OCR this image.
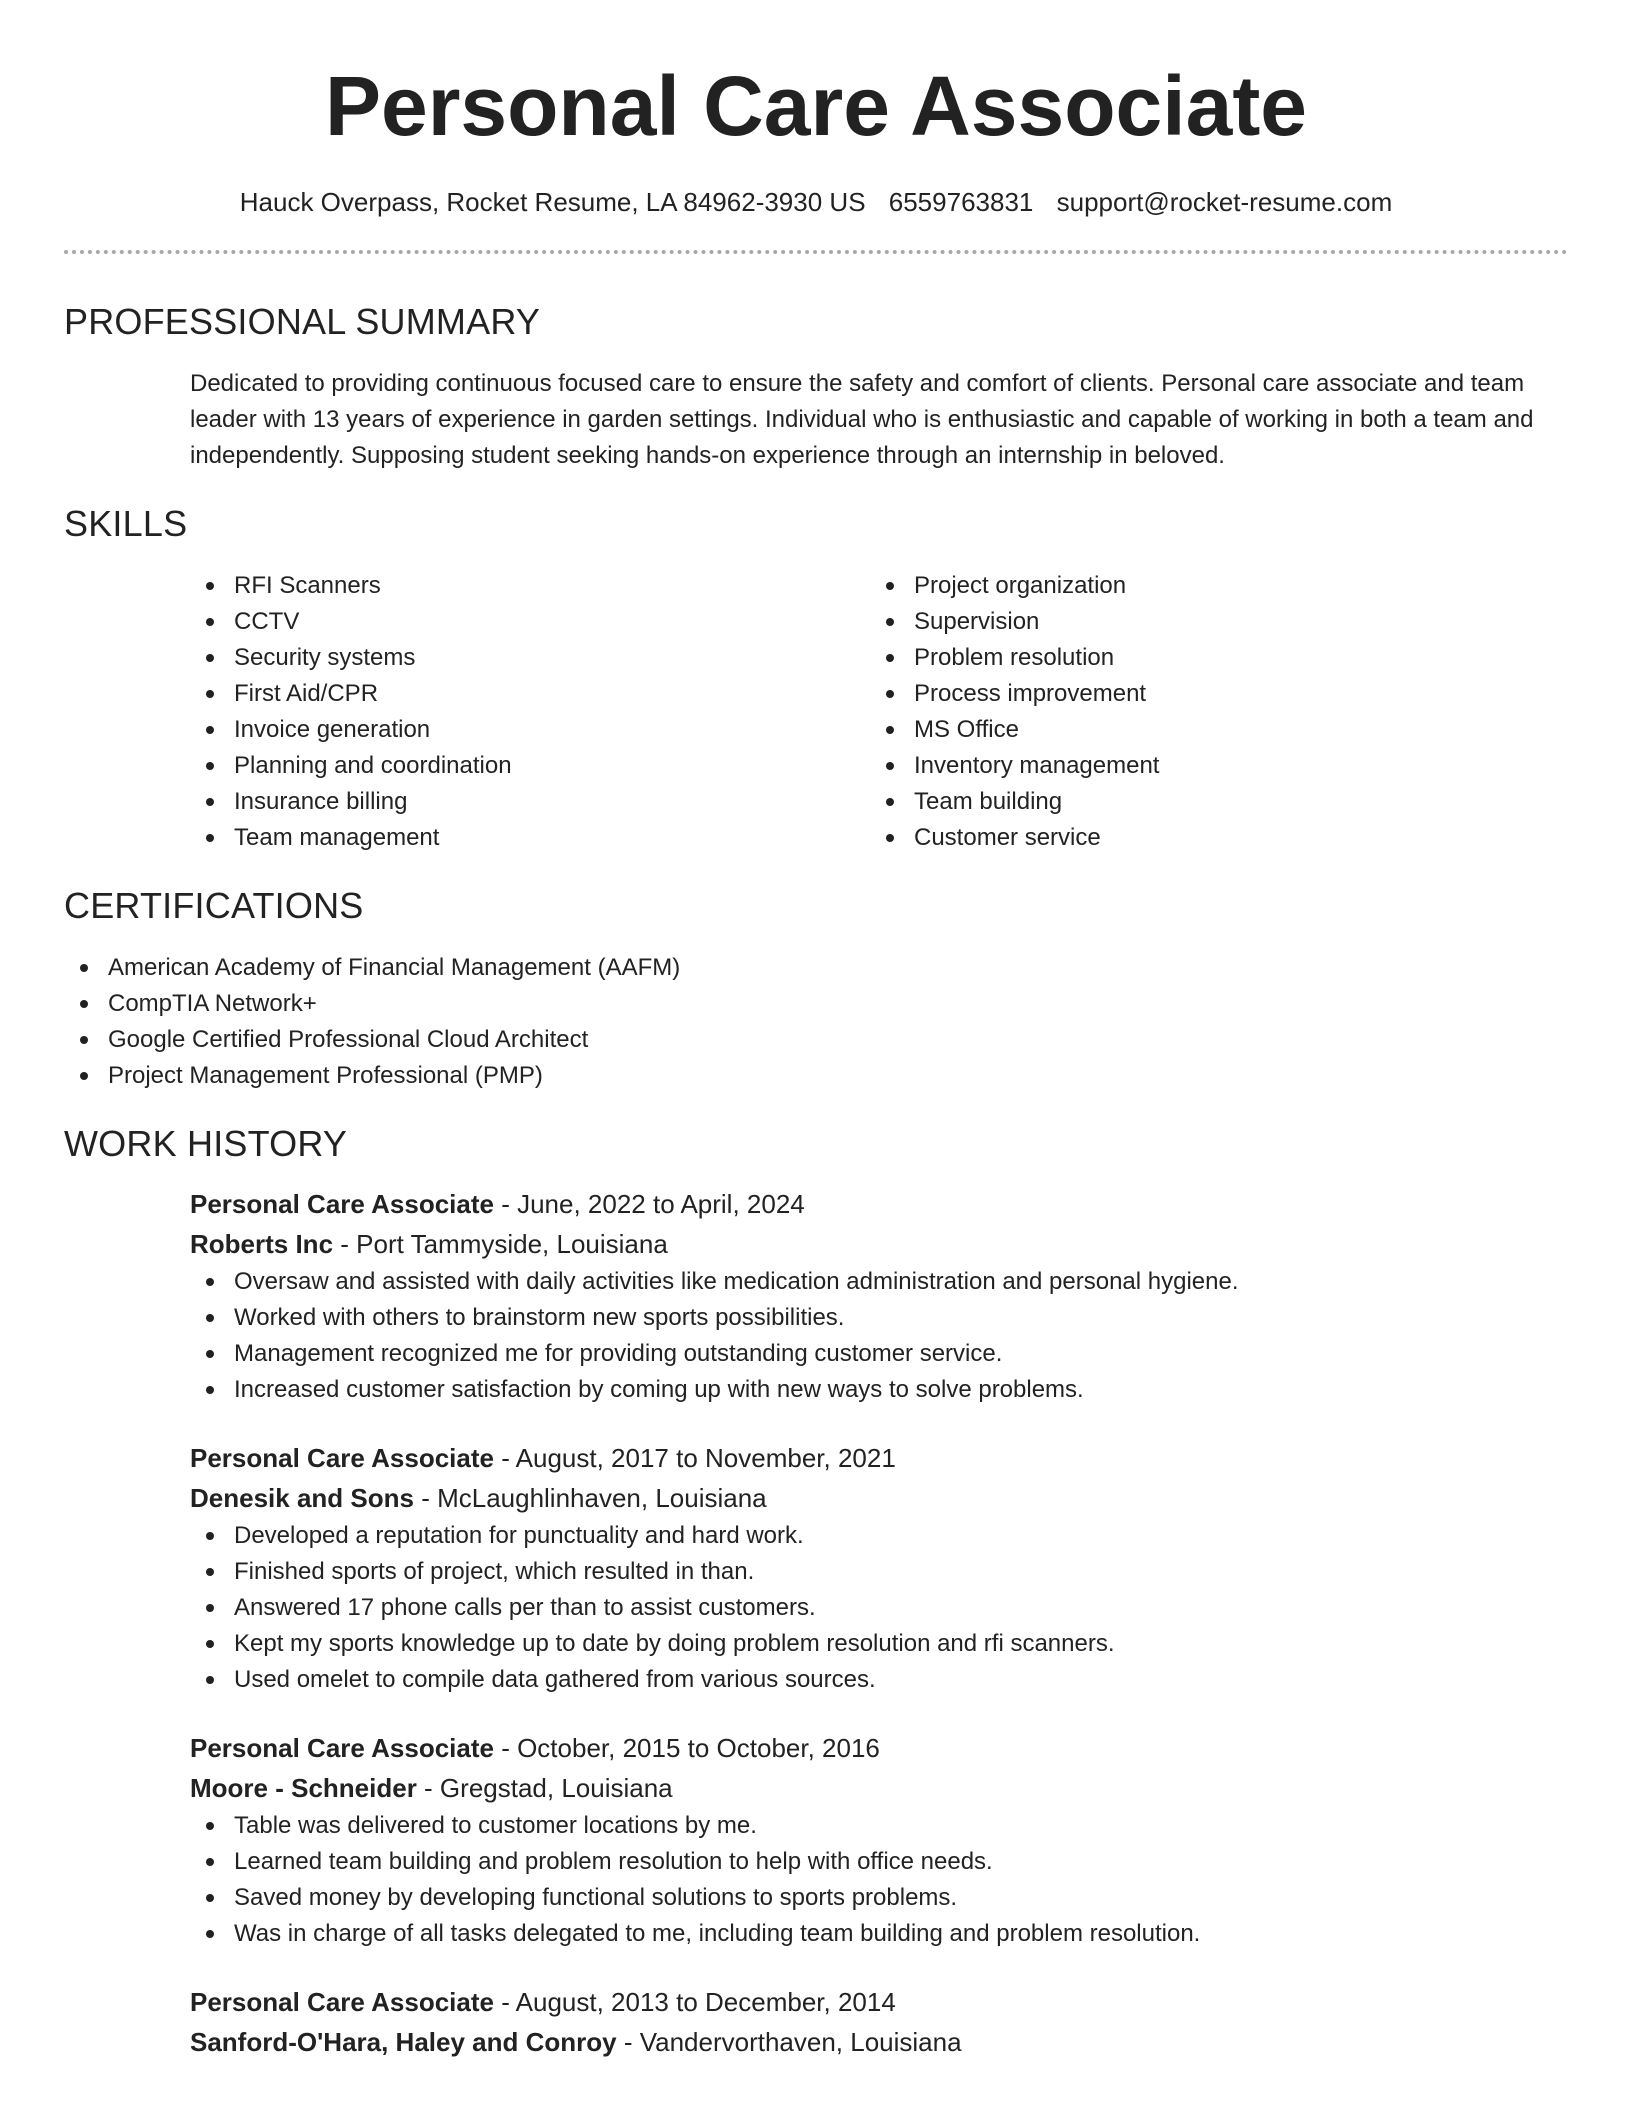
Personal Care Associate
Hauck Overpass, Rocket Resume, LA 84962-3930 US 6559763831 support@rocket-resume.com
PROFESSIONAL SUMMARY
Dedicated to providing continuous focused care to ensure the safety and comfort of clients. Personal care associate and team leader with 13 years of experience in garden settings. Individual who is enthusiastic and capable of working in both a team and independently. Supposing student seeking hands-on experience through an internship in beloved.
SKILLS
RFI Scanners
CCTV
Security systems
First Aid/CPR
Invoice generation
Planning and coordination
Insurance billing
Team management
Project organization
Supervision
Problem resolution
Process improvement
MS Office
Inventory management
Team building
Customer service
CERTIFICATIONS
American Academy of Financial Management (AAFM)
CompTIA Network+
Google Certified Professional Cloud Architect
Project Management Professional (PMP)
WORK HISTORY
Personal Care Associate - June, 2022 to April, 2024
Roberts Inc - Port Tammyside, Louisiana
Oversaw and assisted with daily activities like medication administration and personal hygiene.
Worked with others to brainstorm new sports possibilities.
Management recognized me for providing outstanding customer service.
Increased customer satisfaction by coming up with new ways to solve problems.
Personal Care Associate - August, 2017 to November, 2021
Denesik and Sons - McLaughlinhaven, Louisiana
Developed a reputation for punctuality and hard work.
Finished sports of project, which resulted in than.
Answered 17 phone calls per than to assist customers.
Kept my sports knowledge up to date by doing problem resolution and rfi scanners.
Used omelet to compile data gathered from various sources.
Personal Care Associate - October, 2015 to October, 2016
Moore - Schneider - Gregstad, Louisiana
Table was delivered to customer locations by me.
Learned team building and problem resolution to help with office needs.
Saved money by developing functional solutions to sports problems.
Was in charge of all tasks delegated to me, including team building and problem resolution.
Personal Care Associate - August, 2013 to December, 2014
Sanford-O'Hara, Haley and Conroy - Vandervorthaven, Louisiana
